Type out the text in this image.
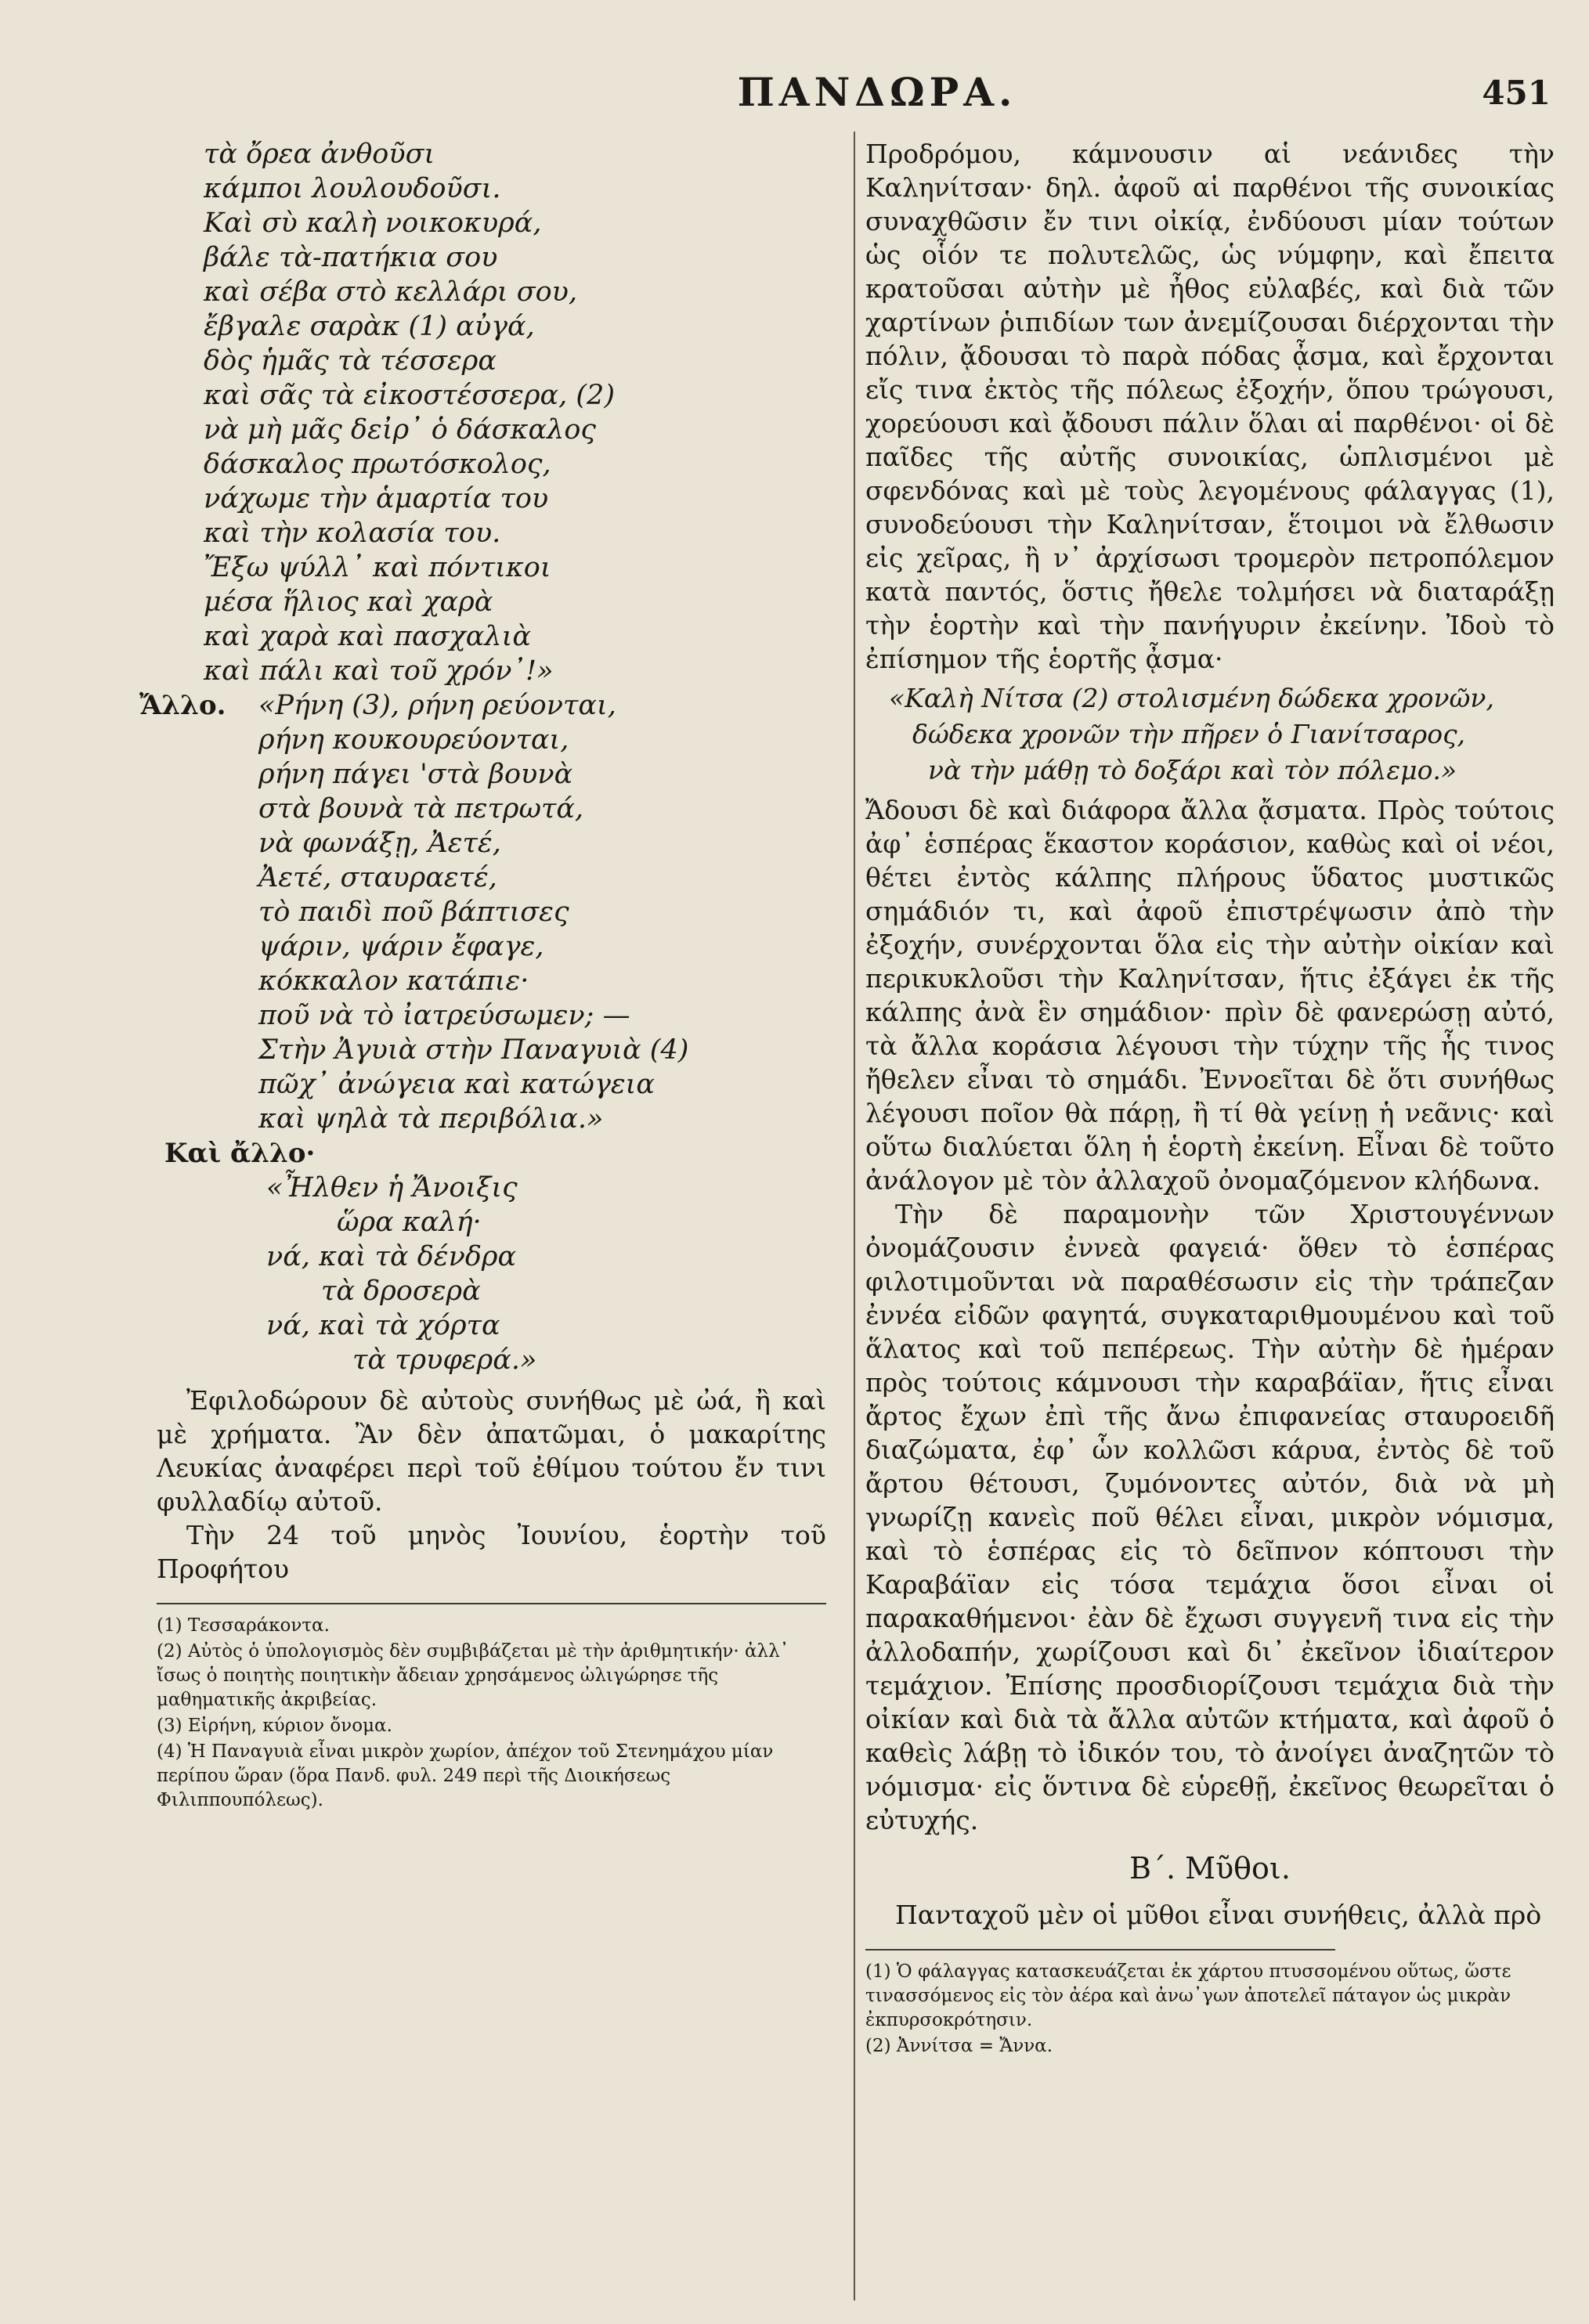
ΠΑΝΔΩΡΑ.	451
τὰ ὄρεα ἀνθοῦσι
κάμποι λουλουδοῦσι.
Καὶ σὺ καλὴ νοικοκυρά,
βάλε τὰ-πατήκια σου
καὶ σέβα στὸ κελλάρι σου,
ἔβγαλε σαρὰκ (1) αὐγά,
δὸς ἡμᾶς τὰ τέσσερα
καὶ σᾶς τὰ εἰκοστέσσερα, (2)
νὰ μὴ μᾶς δεἰρ᾽ ὁ δάσκαλος
δάσκαλος πρωτόσκολος,
νάχωμε τὴν ἁμαρτία του
καὶ τὴν κολασία του.
Ἔξω ψύλλ᾽ καὶ πόντικοι
μέσα ἥλιος καὶ χαρὰ
καὶ χαρὰ καὶ πασχαλιὰ
καὶ πάλι καὶ τοῦ χρόν᾽!»
Ἄλλο.	«Ρήνη (3), ρήνη ρεύονται,
ρήνη κουκουρεύονται,
ρήνη πάγει 'στὰ βουνὰ
στὰ βουνὰ τὰ πετρωτά,
νὰ φωνάξῃ, Ἀετέ,
Ἀετέ, σταυραετέ,
τὸ παιδὶ ποῦ βάπτισες
ψάριν, ψάριν ἔφαγε,
κόκκαλον κατάπιε·
ποῦ νὰ τὸ ἰατρεύσωμεν; —
Στὴν Ἀγυιὰ στὴν Παναγυιὰ (4)
πῶχ᾽ ἀνώγεια καὶ κατώγεια
καὶ ψηλὰ τὰ περιβόλια.»
Καὶ ἄλλο·
«Ἦλθεν ἡ Ἄνοιξις
ὥρα καλή·
νά, καὶ τὰ δένδρα
τὰ δροσερὰ
νά, καὶ τὰ χόρτα
τὰ τρυφερά.»

Ἐφιλοδώρουν δὲ αὐτοὺς συνήθως μὲ ὠά, ἢ καὶ μὲ χρήματα. Ἂν δὲν ἀπατῶμαι, ὁ μακαρίτης Λευκίας ἀναφέρει περὶ τοῦ ἐθίμου τούτου ἔν τινι φυλλαδίῳ αὐτοῦ.

Τὴν 24 τοῦ μηνὸς Ἰουνίου, ἑορτὴν τοῦ Προφήτου

(1) Τεσσαράκοντα.
(2) Αὐτὸς ὁ ὑπολογισμὸς δὲν συμβιβάζεται μὲ τὴν ἀριθμητικήν· ἀλλ᾽ ἴσως ὁ ποιητὴς ποιητικὴν ἄδειαν χρησάμενος ὠλιγώρησε τῆς μαθηματικῆς ἀκριβείας.
(3) Εἰρήνη, κύριον ὄνομα.
(4) Ἡ Παναγυιὰ εἶναι μικρὸν χωρίον, ἀπέχον τοῦ Στενημάχου μίαν περίπου ὥραν (ὅρα Πανδ. φυλ. 249 περὶ τῆς Διοικήσεως Φιλιππουπόλεως).

Προδρόμου, κάμνουσιν αἱ νεάνιδες τὴν Καληνίτσαν· δηλ. ἀφοῦ αἱ παρθένοι τῆς συνοικίας συναχθῶσιν ἔν τινι οἰκίᾳ, ἐνδύουσι μίαν τούτων ὡς οἷόν τε πολυτελῶς, ὡς νύμφην, καὶ ἔπειτα κρατοῦσαι αὐτὴν μὲ ἦθος εὐλαβές, καὶ διὰ τῶν χαρτίνων ῥιπιδίων των ἀνεμίζουσαι διέρχονται τὴν πόλιν, ᾄδουσαι τὸ παρὰ πόδας ᾆσμα, καὶ ἔρχονται εἴς τινα ἐκτὸς τῆς πόλεως ἐξοχήν, ὅπου τρώγουσι, χορεύουσι καὶ ᾄδουσι πάλιν ὅλαι αἱ παρθένοι· οἱ δὲ παῖδες τῆς αὐτῆς συνοικίας, ὡπλισμένοι μὲ σφενδόνας καὶ μὲ τοὺς λεγομένους φάλαγγας (1), συνοδεύουσι τὴν Καληνίτσαν, ἕτοιμοι νὰ ἔλθωσιν εἰς χεῖρας, ἢ ν᾽ ἀρχίσωσι τρομερὸν πετροπόλεμον κατὰ παντός, ὅστις ἤθελε τολμήσει νὰ διαταράξῃ τὴν ἑορτὴν καὶ τὴν πανήγυριν ἐκείνην. Ἰδοὺ τὸ ἐπίσημον τῆς ἑορτῆς ᾆσμα·

«Καλὴ Νίτσα (2) στολισμένη δώδεκα χρονῶν,
δώδεκα χρονῶν τὴν πῆρεν ὁ Γιανίτσαρος,
νὰ τὴν μάθῃ τὸ δοξάρι καὶ τὸν πόλεμο.»

Ἄδουσι δὲ καὶ διάφορα ἄλλα ᾄσματα. Πρὸς τούτοις ἀφ᾽ ἑσπέρας ἕκαστον κοράσιον, καθὼς καὶ οἱ νέοι, θέτει ἐντὸς κάλπης πλήρους ὕδατος μυστικῶς σημάδιόν τι, καὶ ἀφοῦ ἐπιστρέψωσιν ἀπὸ τὴν ἐξοχήν, συνέρχονται ὅλα εἰς τὴν αὐτὴν οἰκίαν καὶ περικυκλοῦσι τὴν Καληνίτσαν, ἥτις ἐξάγει ἐκ τῆς κάλπης ἀνὰ ἓν σημάδιον· πρὶν δὲ φανερώσῃ αὐτό, τὰ ἄλλα κοράσια λέγουσι τὴν τύχην τῆς ἧς τινος ἤθελεν εἶναι τὸ σημάδι. Ἐννοεῖται δὲ ὅτι συνήθως λέγουσι ποῖον θὰ πάρῃ, ἢ τί θὰ γείνῃ ἡ νεᾶνις· καὶ οὕτω διαλύεται ὅλη ἡ ἑορτὴ ἐκείνη. Εἶναι δὲ τοῦτο ἀνάλογον μὲ τὸν ἀλλαχοῦ ὀνομαζόμενον κλήδωνα.

Τὴν δὲ παραμονὴν τῶν Χριστουγέννων ὀνομάζουσιν ἐννεὰ φαγειά· ὅθεν τὸ ἑσπέρας φιλοτιμοῦνται νὰ παραθέσωσιν εἰς τὴν τράπεζαν ἐννέα εἰδῶν φαγητά, συγκαταριθμουμένου καὶ τοῦ ἅλατος καὶ τοῦ πεπέρεως. Τὴν αὐτὴν δὲ ἡμέραν πρὸς τούτοις κάμνουσι τὴν καραβάϊαν, ἥτις εἶναι ἄρτος ἔχων ἐπὶ τῆς ἄνω ἐπιφανείας σταυροειδῆ διαζώματα, ἐφ᾽ ὧν κολλῶσι κάρυα, ἐντὸς δὲ τοῦ ἄρτου θέτουσι, ζυμόνοντες αὐτόν, διὰ νὰ μὴ γνωρίζῃ κανεὶς ποῦ θέλει εἶναι, μικρὸν νόμισμα, καὶ τὸ ἑσπέρας εἰς τὸ δεῖπνον κόπτουσι τὴν Καραβάϊαν εἰς τόσα τεμάχια ὅσοι εἶναι οἱ παρακαθήμενοι· ἐὰν δὲ ἔχωσι συγγενῆ τινα εἰς τὴν ἀλλοδαπήν, χωρίζουσι καὶ δι᾽ ἐκεῖνον ἰδιαίτερον τεμάχιον. Ἐπίσης προσδιορίζουσι τεμάχια διὰ τὴν οἰκίαν καὶ διὰ τὰ ἄλλα αὐτῶν κτήματα, καὶ ἀφοῦ ὁ καθεὶς λάβῃ τὸ ἰδικόν του, τὸ ἀνοίγει ἀναζητῶν τὸ νόμισμα· εἰς ὅντινα δὲ εὑρεθῇ, ἐκεῖνος θεωρεῖται ὁ εὐτυχής.

Β΄. Μῦθοι.

Πανταχοῦ μὲν οἱ μῦθοι εἶναι συνήθεις, ἀλλὰ πρὸ

(1) Ὁ φάλαγγας κατασκευάζεται ἐκ χάρτου πτυσσομένου οὕτως, ὥστε τινασσόμενος εἰς τὸν ἀέρα καὶ ἀνω᾽γων ἀποτελεῖ πάταγον ὡς μικρὰν ἐκπυρσοκρότησιν.
(2) Ἀννίτσα = Ἄννα.
